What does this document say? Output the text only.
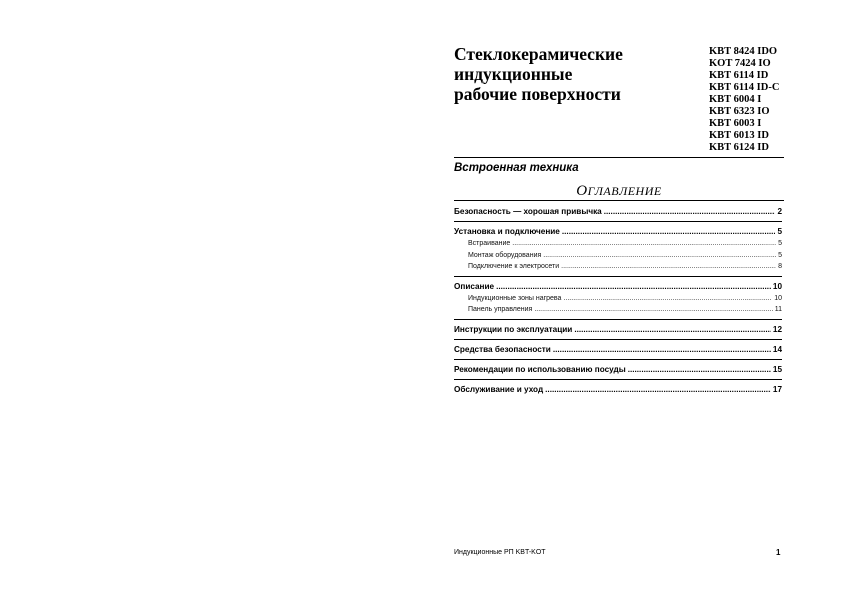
Стеклокерамические
индукционные
рабочие поверхности
KBT 8424 IDO
KOT 7424 IO
KBT 6114 ID
KBT 6114 ID-C
KBT 6004 I
KBT 6323 IO
KBT 6003 I
KBT 6013 ID
KBT 6124 ID
Встроенная техника
ОГЛАВЛЕНИЕ
Безопасность — хорошая привычка .....	2
Установка и подключение .....	5
Встраивание .....	5
Монтаж оборудования .....	5
Подключение к электросети .....	8
Описание .....	10
Индукционные зоны нагрева .....	10
Панель управления .....	11
Инструкции по эксплуатации .....	12
Средства безопасности .....	14
Рекомендации по использованию посуды .....	15
Обслуживание и уход .....	17
Индукционные РП KBT-KOT	1
